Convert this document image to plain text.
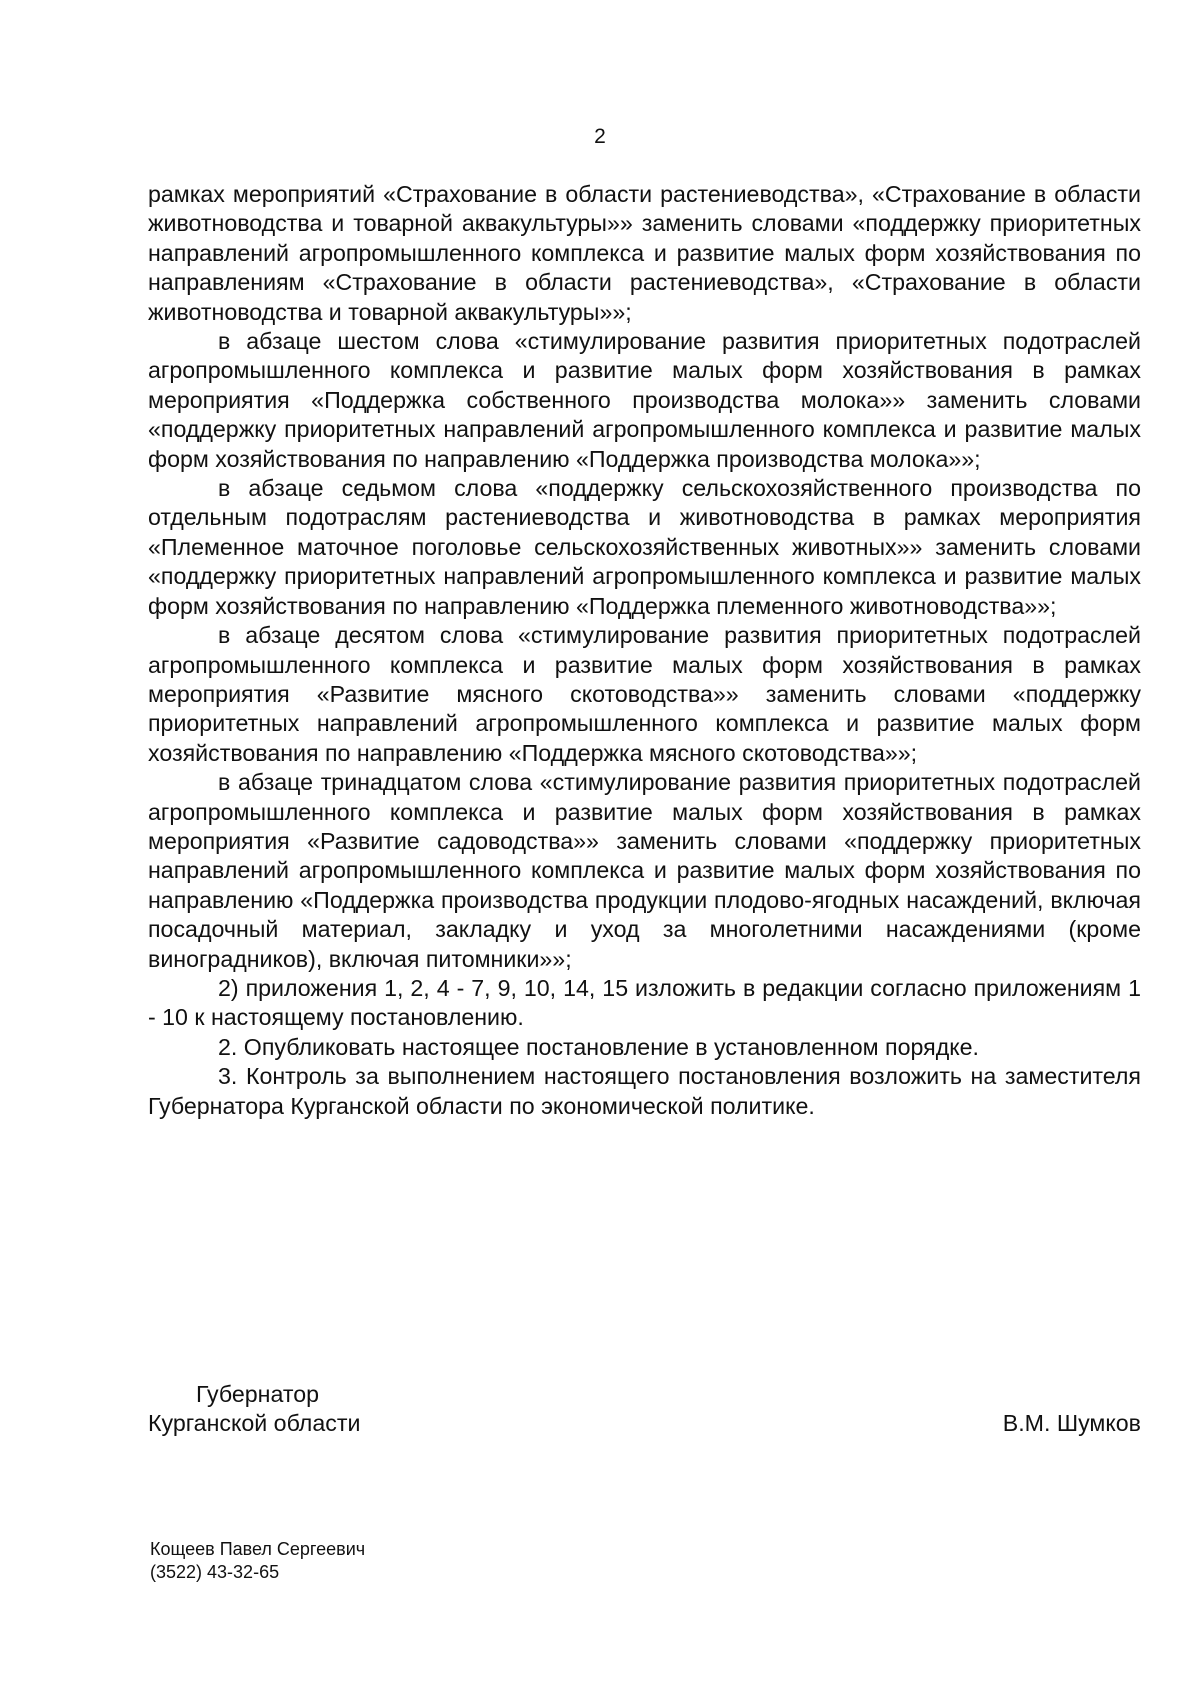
2

рамках мероприятий «Страхование в области растениеводства», «Страхование в области животноводства и товарной аквакультуры»» заменить словами «поддержку приоритетных направлений агропромышленного комплекса и развитие малых форм хозяйствования по направлениям «Страхование в области растениеводства», «Страхование в области животноводства и товарной аквакультуры»»;

в абзаце шестом слова «стимулирование развития приоритетных подотраслей агропромышленного комплекса и развитие малых форм хозяйствования в рамках мероприятия «Поддержка собственного производства молока»» заменить словами «поддержку приоритетных направлений агропромышленного комплекса и развитие малых форм хозяйствования по направлению «Поддержка производства молока»»;

в абзаце седьмом слова «поддержку сельскохозяйственного производства по отдельным подотраслям растениеводства и животноводства в рамках мероприятия «Племенное маточное поголовье сельскохозяйственных животных»» заменить словами «поддержку приоритетных направлений агропромышленного комплекса и развитие малых форм хозяйствования по направлению «Поддержка племенного животноводства»»;

в абзаце десятом слова «стимулирование развития приоритетных подотраслей агропромышленного комплекса и развитие малых форм хозяйствования в рамках мероприятия «Развитие мясного скотоводства»» заменить словами «поддержку приоритетных направлений агропромышленного комплекса и развитие малых форм хозяйствования по направлению «Поддержка мясного скотоводства»»;

в абзаце тринадцатом слова «стимулирование развития приоритетных подотраслей агропромышленного комплекса и развитие малых форм хозяйствования в рамках мероприятия «Развитие садоводства»» заменить словами «поддержку приоритетных направлений агропромышленного комплекса и развитие малых форм хозяйствования по направлению «Поддержка производства продукции плодово-ягодных насаждений, включая посадочный материал, закладку и уход за многолетними насаждениями (кроме виноградников), включая питомники»»;

2) приложения 1, 2, 4 - 7, 9, 10, 14, 15 изложить в редакции согласно приложениям 1 - 10 к настоящему постановлению.

2. Опубликовать настоящее постановление в установленном порядке.

3. Контроль за выполнением настоящего постановления возложить на заместителя Губернатора Курганской области по экономической политике.

Губернатор
Курганской области	В.М. Шумков
Кощеев Павел Сергеевич
(3522) 43-32-65
